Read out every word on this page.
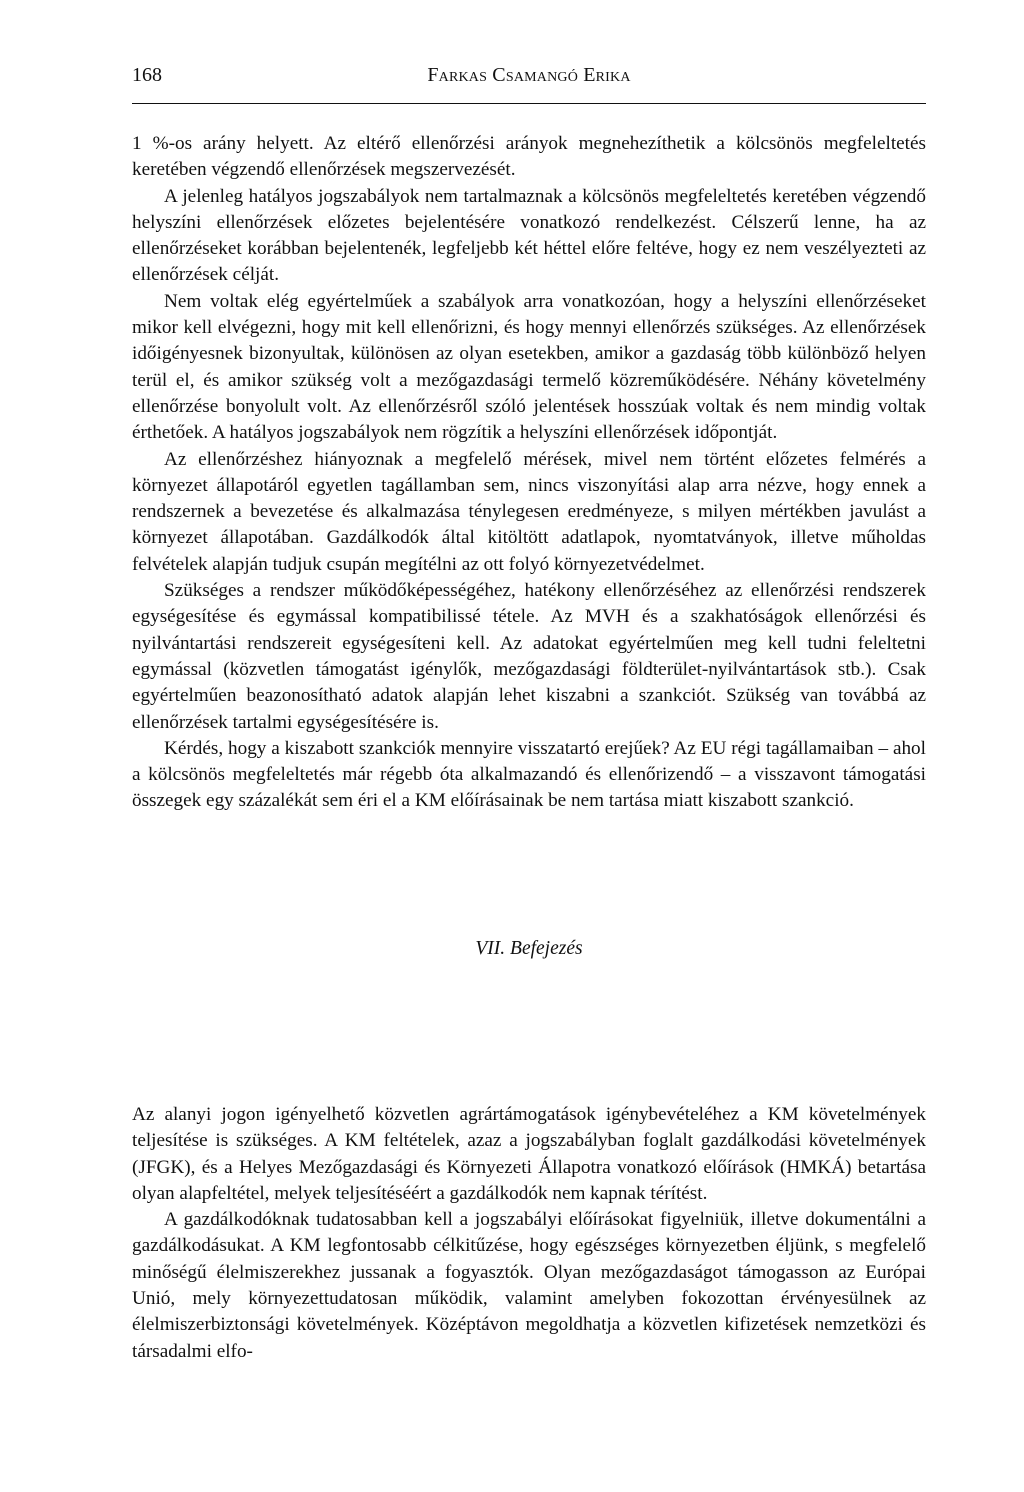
168	Farkas Csamangó Erika

1 %-os arány helyett. Az eltérő ellenőrzési arányok megnehezíthetik a kölcsönös megfeleltetés keretében végzendő ellenőrzések megszervezését.

A jelenleg hatályos jogszabályok nem tartalmaznak a kölcsönös megfeleltetés keretében végzendő helyszíni ellenőrzések előzetes bejelentésére vonatkozó rendelkezést. Célszerű lenne, ha az ellenőrzéseket korábban bejelentenék, legfeljebb két héttel előre feltéve, hogy ez nem veszélyezteti az ellenőrzések célját.

Nem voltak elég egyértelműek a szabályok arra vonatkozóan, hogy a helyszíni ellenőrzéseket mikor kell elvégezni, hogy mit kell ellenőrizni, és hogy mennyi ellenőrzés szükséges. Az ellenőrzések időigényesnek bizonyultak, különösen az olyan esetekben, amikor a gazdaság több különböző helyen terül el, és amikor szükség volt a mezőgazdasági termelő közreműködésére. Néhány követelmény ellenőrzése bonyolult volt. Az ellenőrzésről szóló jelentések hosszúak voltak és nem mindig voltak érthetőek. A hatályos jogszabályok nem rögzítik a helyszíni ellenőrzések időpontját.

Az ellenőrzéshez hiányoznak a megfelelő mérések, mivel nem történt előzetes felmérés a környezet állapotáról egyetlen tagállamban sem, nincs viszonyítási alap arra nézve, hogy ennek a rendszernek a bevezetése és alkalmazása ténylegesen eredményeze, s milyen mértékben javulást a környezet állapotában. Gazdálkodók által kitöltött adatlapok, nyomtatványok, illetve műholdas felvételek alapján tudjuk csupán megítélni az ott folyó környezetvédelmet.

Szükséges a rendszer működőképességéhez, hatékony ellenőrzéséhez az ellenőrzési rendszerek egységesítése és egymással kompatibilissé tétele. Az MVH és a szakhatóságok ellenőrzési és nyilvántartási rendszereit egységesíteni kell. Az adatokat egyértelműen meg kell tudni feleltetni egymással (közvetlen támogatást igénylők, mezőgazdasági földterület-nyilvántartások stb.). Csak egyértelműen beazonosítható adatok alapján lehet kiszabni a szankciót. Szükség van továbbá az ellenőrzések tartalmi egységesítésére is.

Kérdés, hogy a kiszabott szankciók mennyire visszatartó erejűek? Az EU régi tagállamaiban – ahol a kölcsönös megfeleltetés már régebb óta alkalmazandó és ellenőrizendő – a visszavont támogatási összegek egy százalékát sem éri el a KM előírásainak be nem tartása miatt kiszabott szankció.

VII. Befejezés

Az alanyi jogon igényelhető közvetlen agrártámogatások igénybevételéhez a KM követelmények teljesítése is szükséges. A KM feltételek, azaz a jogszabályban foglalt gazdálkodási követelmények (JFGK), és a Helyes Mezőgazdasági és Környezeti Állapotra vonatkozó előírások (HMKÁ) betartása olyan alapfeltétel, melyek teljesítéséért a gazdálkodók nem kapnak térítést.

A gazdálkodóknak tudatosabban kell a jogszabályi előírásokat figyelniük, illetve dokumentálni a gazdálkodásukat. A KM legfontosabb célkitűzése, hogy egészséges környezetben éljünk, s megfelelő minőségű élelmiszerekhez jussanak a fogyasztók. Olyan mezőgazdaságot támogasson az Európai Unió, mely környezettudatosan működik, valamint amelyben fokozottan érvényesülnek az élelmiszerbiztonsági követelmények. Középtávon megoldhatja a közvetlen kifizetések nemzetközi és társadalmi elfo-
